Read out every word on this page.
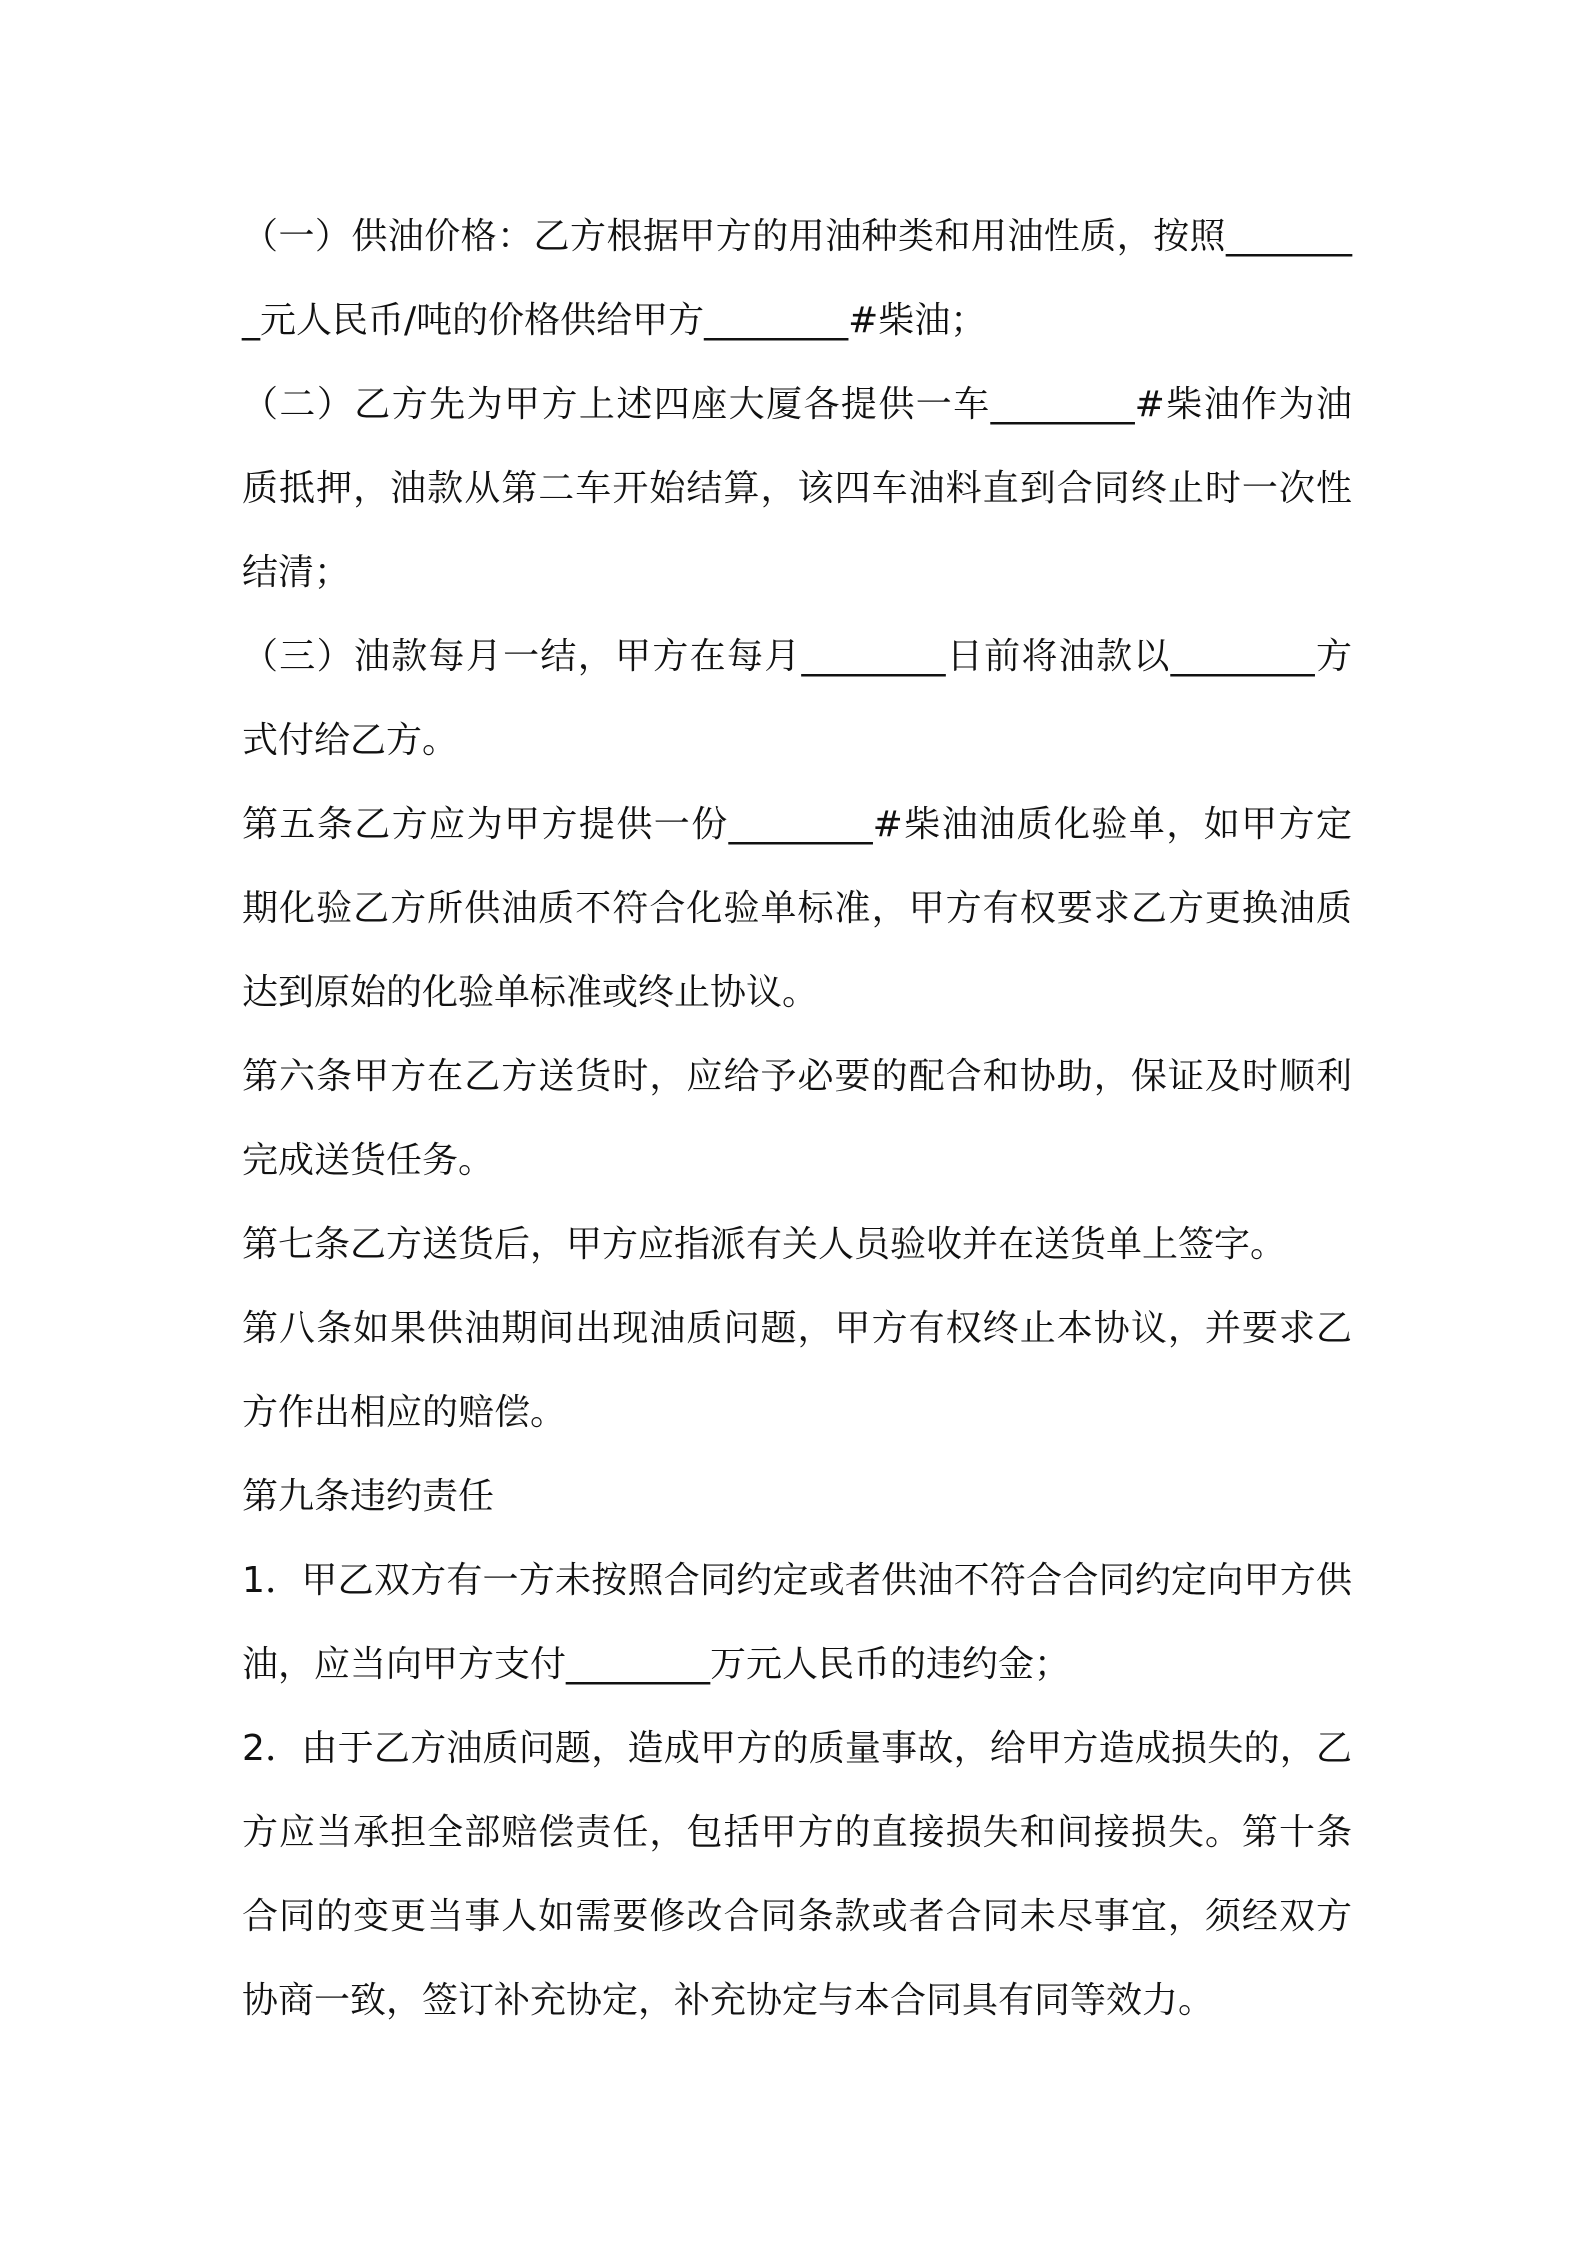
（一）供油价格：乙方根据甲方的用油种类和用油性质，按照________元人民币/吨的价格供给甲方________#柴油；

（二）乙方先为甲方上述四座大厦各提供一车________#柴油作为油质抵押，油款从第二车开始结算，该四车油料直到合同终止时一次性结清；

（三）油款每月一结，甲方在每月________日前将油款以________方式付给乙方。

第五条乙方应为甲方提供一份________#柴油油质化验单，如甲方定期化验乙方所供油质不符合化验单标准，甲方有权要求乙方更换油质达到原始的化验单标准或终止协议。

第六条甲方在乙方送货时，应给予必要的配合和协助，保证及时顺利完成送货任务。

第七条乙方送货后，甲方应指派有关人员验收并在送货单上签字。

第八条如果供油期间出现油质问题，甲方有权终止本协议，并要求乙方作出相应的赔偿。

第九条违约责任

1．甲乙双方有一方未按照合同约定或者供油不符合合同约定向甲方供油，应当向甲方支付________万元人民币的违约金；

2．由于乙方油质问题，造成甲方的质量事故，给甲方造成损失的，乙方应当承担全部赔偿责任，包括甲方的直接损失和间接损失。第十条合同的变更当事人如需要修改合同条款或者合同未尽事宜，须经双方协商一致，签订补充协定，补充协定与本合同具有同等效力。
